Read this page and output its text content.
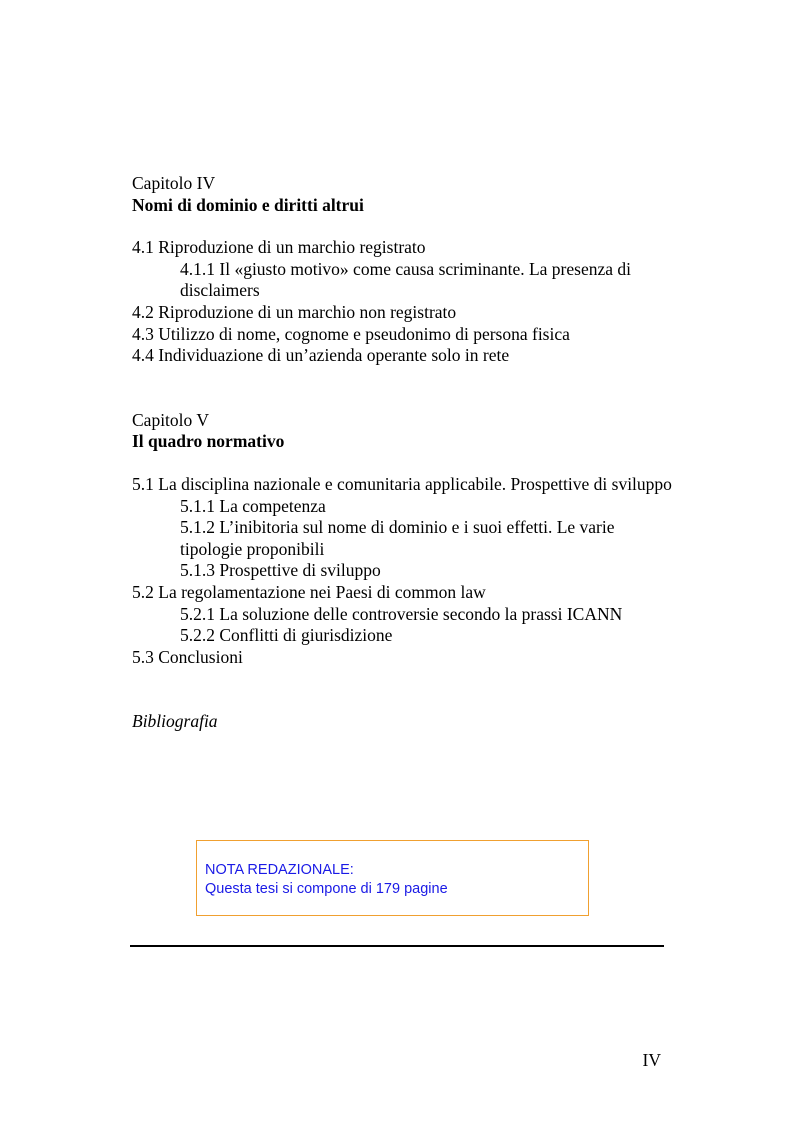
Capitolo IV
Nomi di dominio e diritti altrui
4.1 Riproduzione di un marchio registrato
4.1.1 Il «giusto motivo» come causa scriminante. La presenza di disclaimers
4.2 Riproduzione di un marchio non registrato
4.3 Utilizzo di nome, cognome e pseudonimo di persona fisica
4.4 Individuazione di un’azienda operante solo in rete
Capitolo V
Il quadro normativo
5.1 La disciplina nazionale e comunitaria applicabile. Prospettive di sviluppo
5.1.1 La competenza
5.1.2 L’inibitoria sul nome di dominio e i suoi effetti. Le varie tipologie proponibili
5.1.3 Prospettive di sviluppo
5.2 La regolamentazione nei Paesi di common law
5.2.1 La soluzione delle controversie secondo la prassi ICANN
5.2.2 Conflitti di giurisdizione
5.3 Conclusioni
Bibliografia
NOTA REDAZIONALE:
Questa tesi si compone di 179 pagine
IV
